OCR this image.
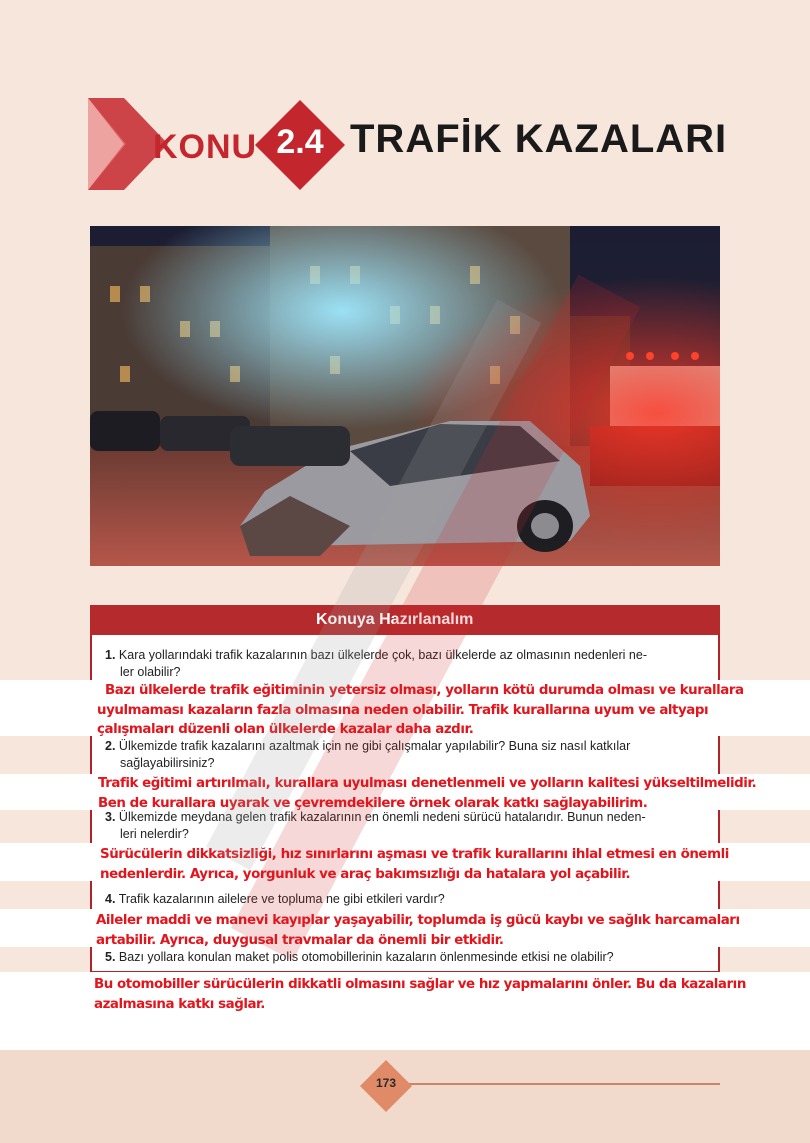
KONU 2.4 TRAFİK KAZALARI
Konuya Hazırlanalım
1. Kara yollarındaki trafik kazalarının bazı ülkelerde çok, bazı ülkelerde az olmasının nedenleri ne-
ler olabilir?
Bazı ülkelerde trafik eğitiminin yetersiz olması, yolların kötü durumda olması ve kurallara
uyulmaması kazaların fazla olmasına neden olabilir. Trafik kurallarına uyum ve altyapı
çalışmaları düzenli olan ülkelerde kazalar daha azdır.
2. Ülkemizde trafik kazalarını azaltmak için ne gibi çalışmalar yapılabilir? Buna siz nasıl katkılar
sağlayabilirsiniz?
Trafik eğitimi artırılmalı, kurallara uyulması denetlenmeli ve yolların kalitesi yükseltilmelidir.
Ben de kurallara uyarak ve çevremdekilere örnek olarak katkı sağlayabilirim.
3. Ülkemizde meydana gelen trafik kazalarının en önemli nedeni sürücü hatalarıdır. Bunun neden-
leri nelerdir?
Sürücülerin dikkatsizliği, hız sınırlarını aşması ve trafik kurallarını ihlal etmesi en önemli
nedenlerdir. Ayrıca, yorgunluk ve araç bakımsızlığı da hatalara yol açabilir.
4. Trafik kazalarının ailelere ve topluma ne gibi etkileri vardır?
Aileler maddi ve manevi kayıplar yaşayabilir, toplumda iş gücü kaybı ve sağlık harcamaları
artabilir. Ayrıca, duygusal travmalar da önemli bir etkidir.
5. Bazı yollara konulan maket polis otomobillerinin kazaların önlenmesinde etkisi ne olabilir?
Bu otomobiller sürücülerin dikkatli olmasını sağlar ve hız yapmalarını önler. Bu da kazaların
azalmasına katkı sağlar.
173
